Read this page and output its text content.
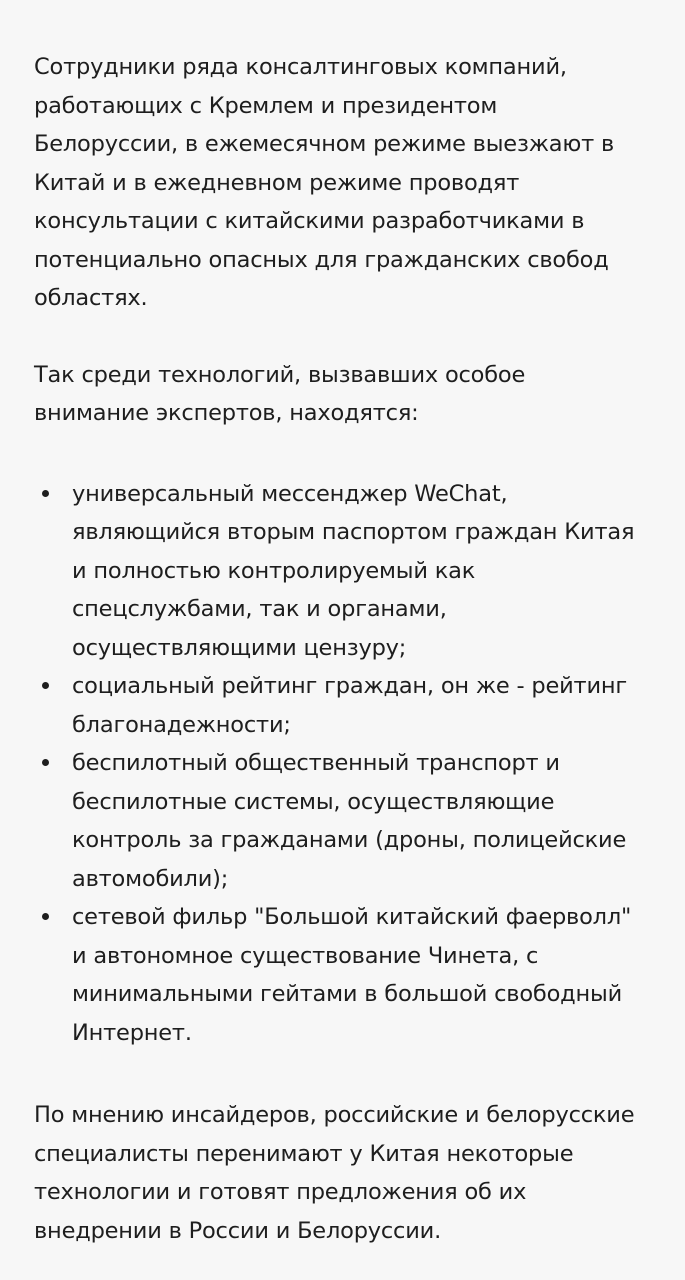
Сотрудники ряда консалтинговых компаний, работающих с Кремлем и президентом Белоруссии, в ежемесячном режиме выезжают в Китай и в ежедневном режиме проводят консультации с китайскими разработчиками в потенциально опасных для гражданских свобод областях.

Так среди технологий, вызвавших особое внимание экспертов, находятся:

универсальный мессенджер WeChat, являющийся вторым паспортом граждан Китая и полностью контролируемый как спецслужбами, так и органами, осуществляющими цензуру;
социальный рейтинг граждан, он же - рейтинг благонадежности;
беспилотный общественный транспорт и беспилотные системы, осуществляющие контроль за гражданами (дроны, полицейские автомобили);
сетевой фильр "Большой китайский фаерволл" и автономное существование Чинета, с минимальными гейтами в большой свободный Интернет.

По мнению инсайдеров, российские и белорусские специалисты перенимают у Китая некоторые технологии и готовят предложения об их внедрении в России и Белоруссии.
